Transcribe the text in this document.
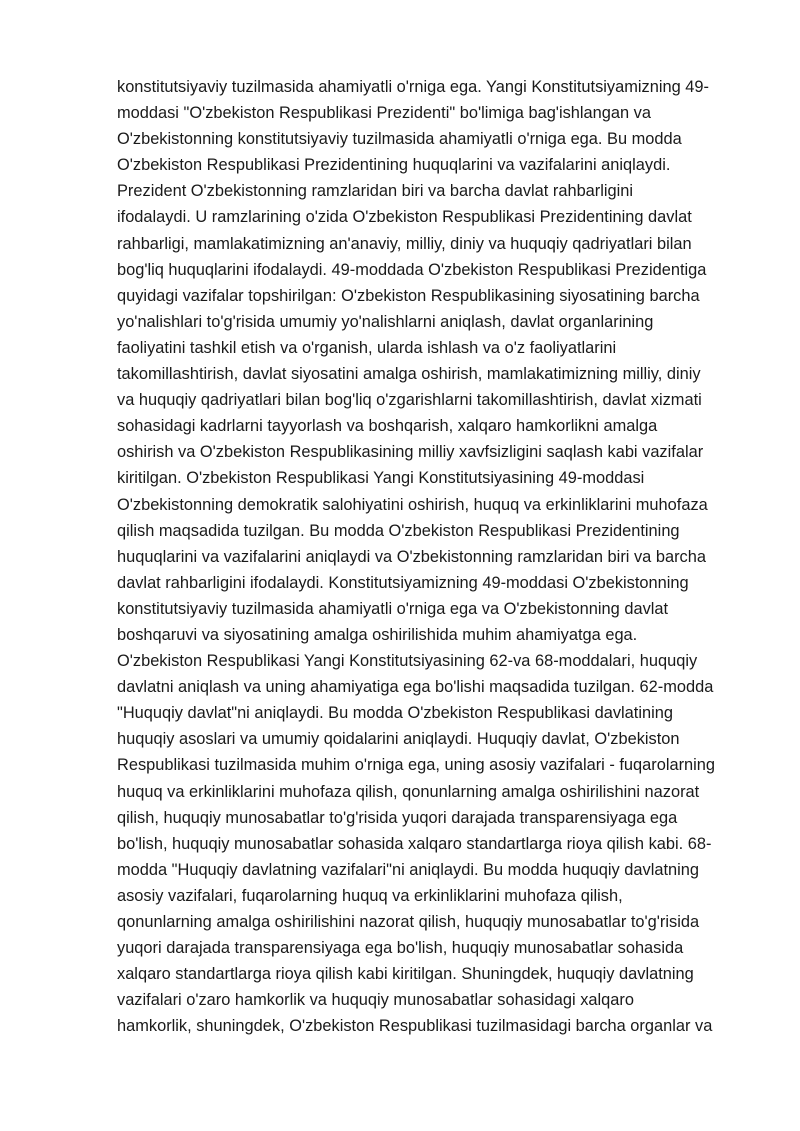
konstitutsiyaviy tuzilmasida ahamiyatli o'rniga ega. Yangi Konstitutsiyamizning 49-
moddasi "O'zbekiston Respublikasi Prezidenti" bo'limiga bag'ishlangan va
O'zbekistonning konstitutsiyaviy tuzilmasida ahamiyatli o'rniga ega. Bu modda
O'zbekiston Respublikasi Prezidentining huquqlarini va vazifalarini aniqlaydi.
Prezident O'zbekistonning ramzlaridan biri va barcha davlat rahbarligini
ifodalaydi. U ramzlarining o'zida O'zbekiston Respublikasi Prezidentining davlat
rahbarligi, mamlakatimizning an'anaviy, milliy, diniy va huquqiy qadriyatlari bilan
bog'liq huquqlarini ifodalaydi. 49-moddada O'zbekiston Respublikasi Prezidentiga
quyidagi vazifalar topshirilgan: O'zbekiston Respublikasining siyosatining barcha
yo'nalishlari to'g'risida umumiy yo'nalishlarni aniqlash, davlat organlarining
faoliyatini tashkil etish va o'rganish, ularda ishlash va o'z faoliyatlarini
takomillashtirish, davlat siyosatini amalga oshirish, mamlakatimizning milliy, diniy
va huquqiy qadriyatlari bilan bog'liq o'zgarishlarni takomillashtirish, davlat xizmati
sohasidagi kadrlarni tayyorlash va boshqarish, xalqaro hamkorlikni amalga
oshirish va O'zbekiston Respublikasining milliy xavfsizligini saqlash kabi vazifalar
kiritilgan. O'zbekiston Respublikasi Yangi Konstitutsiyasining 49-moddasi
O'zbekistonning demokratik salohiyatini oshirish, huquq va erkinliklarini muhofaza
qilish maqsadida tuzilgan. Bu modda O'zbekiston Respublikasi Prezidentining
huquqlarini va vazifalarini aniqlaydi va O'zbekistonning ramzlaridan biri va barcha
davlat rahbarligini ifodalaydi. Konstitutsiyamizning 49-moddasi O'zbekistonning
konstitutsiyaviy tuzilmasida ahamiyatli o'rniga ega va O'zbekistonning davlat
boshqaruvi va siyosatining amalga oshirilishida muhim ahamiyatga ega.
O'zbekiston Respublikasi Yangi Konstitutsiyasining 62-va 68-moddalari, huquqiy
davlatni aniqlash va uning ahamiyatiga ega bo'lishi maqsadida tuzilgan. 62-modda
"Huquqiy davlat"ni aniqlaydi. Bu modda O'zbekiston Respublikasi davlatining
huquqiy asoslari va umumiy qoidalarini aniqlaydi. Huquqiy davlat, O'zbekiston
Respublikasi tuzilmasida muhim o'rniga ega, uning asosiy vazifalari - fuqarolarning
huquq va erkinliklarini muhofaza qilish, qonunlarning amalga oshirilishini nazorat
qilish, huquqiy munosabatlar to'g'risida yuqori darajada transparensiyaga ega
bo'lish, huquqiy munosabatlar sohasida xalqaro standartlarga rioya qilish kabi. 68-
modda "Huquqiy davlatning vazifalari"ni aniqlaydi. Bu modda huquqiy davlatning
asosiy vazifalari, fuqarolarning huquq va erkinliklarini muhofaza qilish,
qonunlarning amalga oshirilishini nazorat qilish, huquqiy munosabatlar to'g'risida
yuqori darajada transparensiyaga ega bo'lish, huquqiy munosabatlar sohasida
xalqaro standartlarga rioya qilish kabi kiritilgan. Shuningdek, huquqiy davlatning
vazifalari o'zaro hamkorlik va huquqiy munosabatlar sohasidagi xalqaro
hamkorlik, shuningdek, O'zbekiston Respublikasi tuzilmasidagi barcha organlar va
